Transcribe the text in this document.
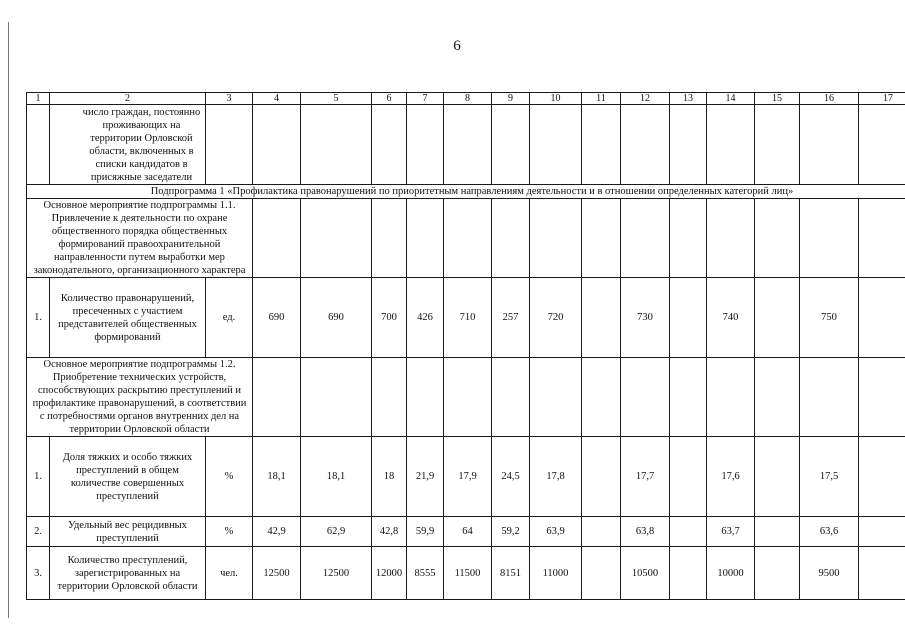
6
1	2	3	4	5	6	7	8	9	10	11	12	13	14	15	16	17
	число граждан, постоянно проживающих на территории Орловской области, включенных в списки кандидатов в присяжные заседатели															
Подпрограмма 1 «Профилактика правонарушений по приоритетным направлениям деятельности и в отношении определенных категорий лиц»																
Основное мероприятие подпрограммы 1.1. Привлечение к деятельности по охране общественного порядка общественных формирований правоохранительной направленности путем выработки мер законодательного, организационного характера																
1.	Количество правонарушений, пресеченных с участием представителей общественных формирований	ед.	690	690	700	426	710	257	720		730		740		750	
Основное мероприятие подпрограммы 1.2. Приобретение технических устройств, способствующих раскрытию преступлений и профилактике правонарушений, в соответствии с потребностями органов внутренних дел на территории Орловской области																
1.	Доля тяжких и особо тяжких преступлений в общем количестве совершенных преступлений	%	18,1	18,1	18	21,9	17,9	24,5	17,8		17,7		17,6		17,5	
2.	Удельный вес рецидивных преступлений	%	42,9	62,9	42,8	59,9	64	59,2	63,9		63,8		63,7		63,6	
3.	Количество преступлений, зарегистрированных на территории Орловской области	чел.	12500	12500	12000	8555	11500	8151	11000		10500		10000		9500	
